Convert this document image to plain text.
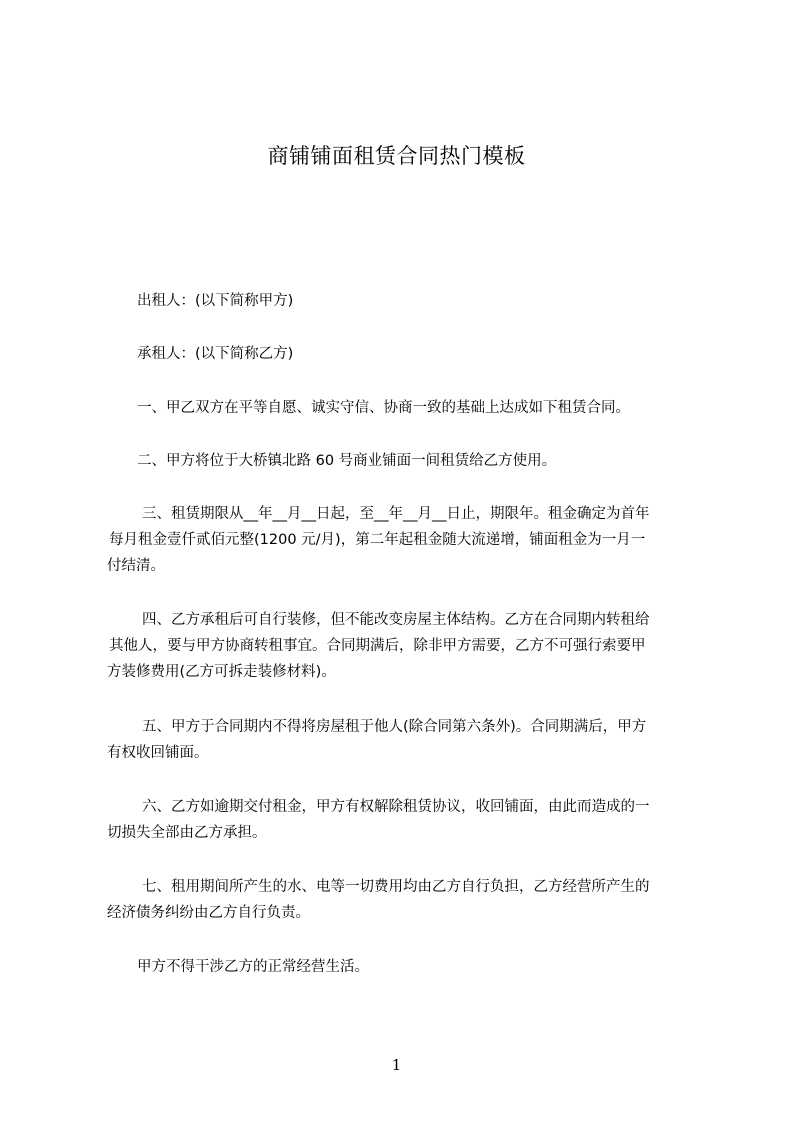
商铺铺面租赁合同热门模板
出租人：(以下简称甲方)
承租人：(以下简称乙方)
一、甲乙双方在平等自愿、诚实守信、协商一致的基础上达成如下租赁合同。
二、甲方将位于大桥镇北路 60 号商业铺面一间租赁给乙方使用。
三、租赁期限从__年__月__日起，至__年__月__日止，期限年。租金确定为首年
每月租金壹仟贰佰元整(1200 元/月)，第二年起租金随大流递增，铺面租金为一月一
付结清。
四、乙方承租后可自行装修，但不能改变房屋主体结构。乙方在合同期内转租给
其他人，要与甲方协商转租事宜。合同期满后，除非甲方需要，乙方不可强行索要甲
方装修费用(乙方可拆走装修材料)。
五、甲方于合同期内不得将房屋租于他人(除合同第六条外)。合同期满后，甲方
有权收回铺面。
六、乙方如逾期交付租金，甲方有权解除租赁协议，收回铺面，由此而造成的一
切损失全部由乙方承担。
七、租用期间所产生的水、电等一切费用均由乙方自行负担，乙方经营所产生的
经济债务纠纷由乙方自行负责。
甲方不得干涉乙方的正常经营生活。
1
